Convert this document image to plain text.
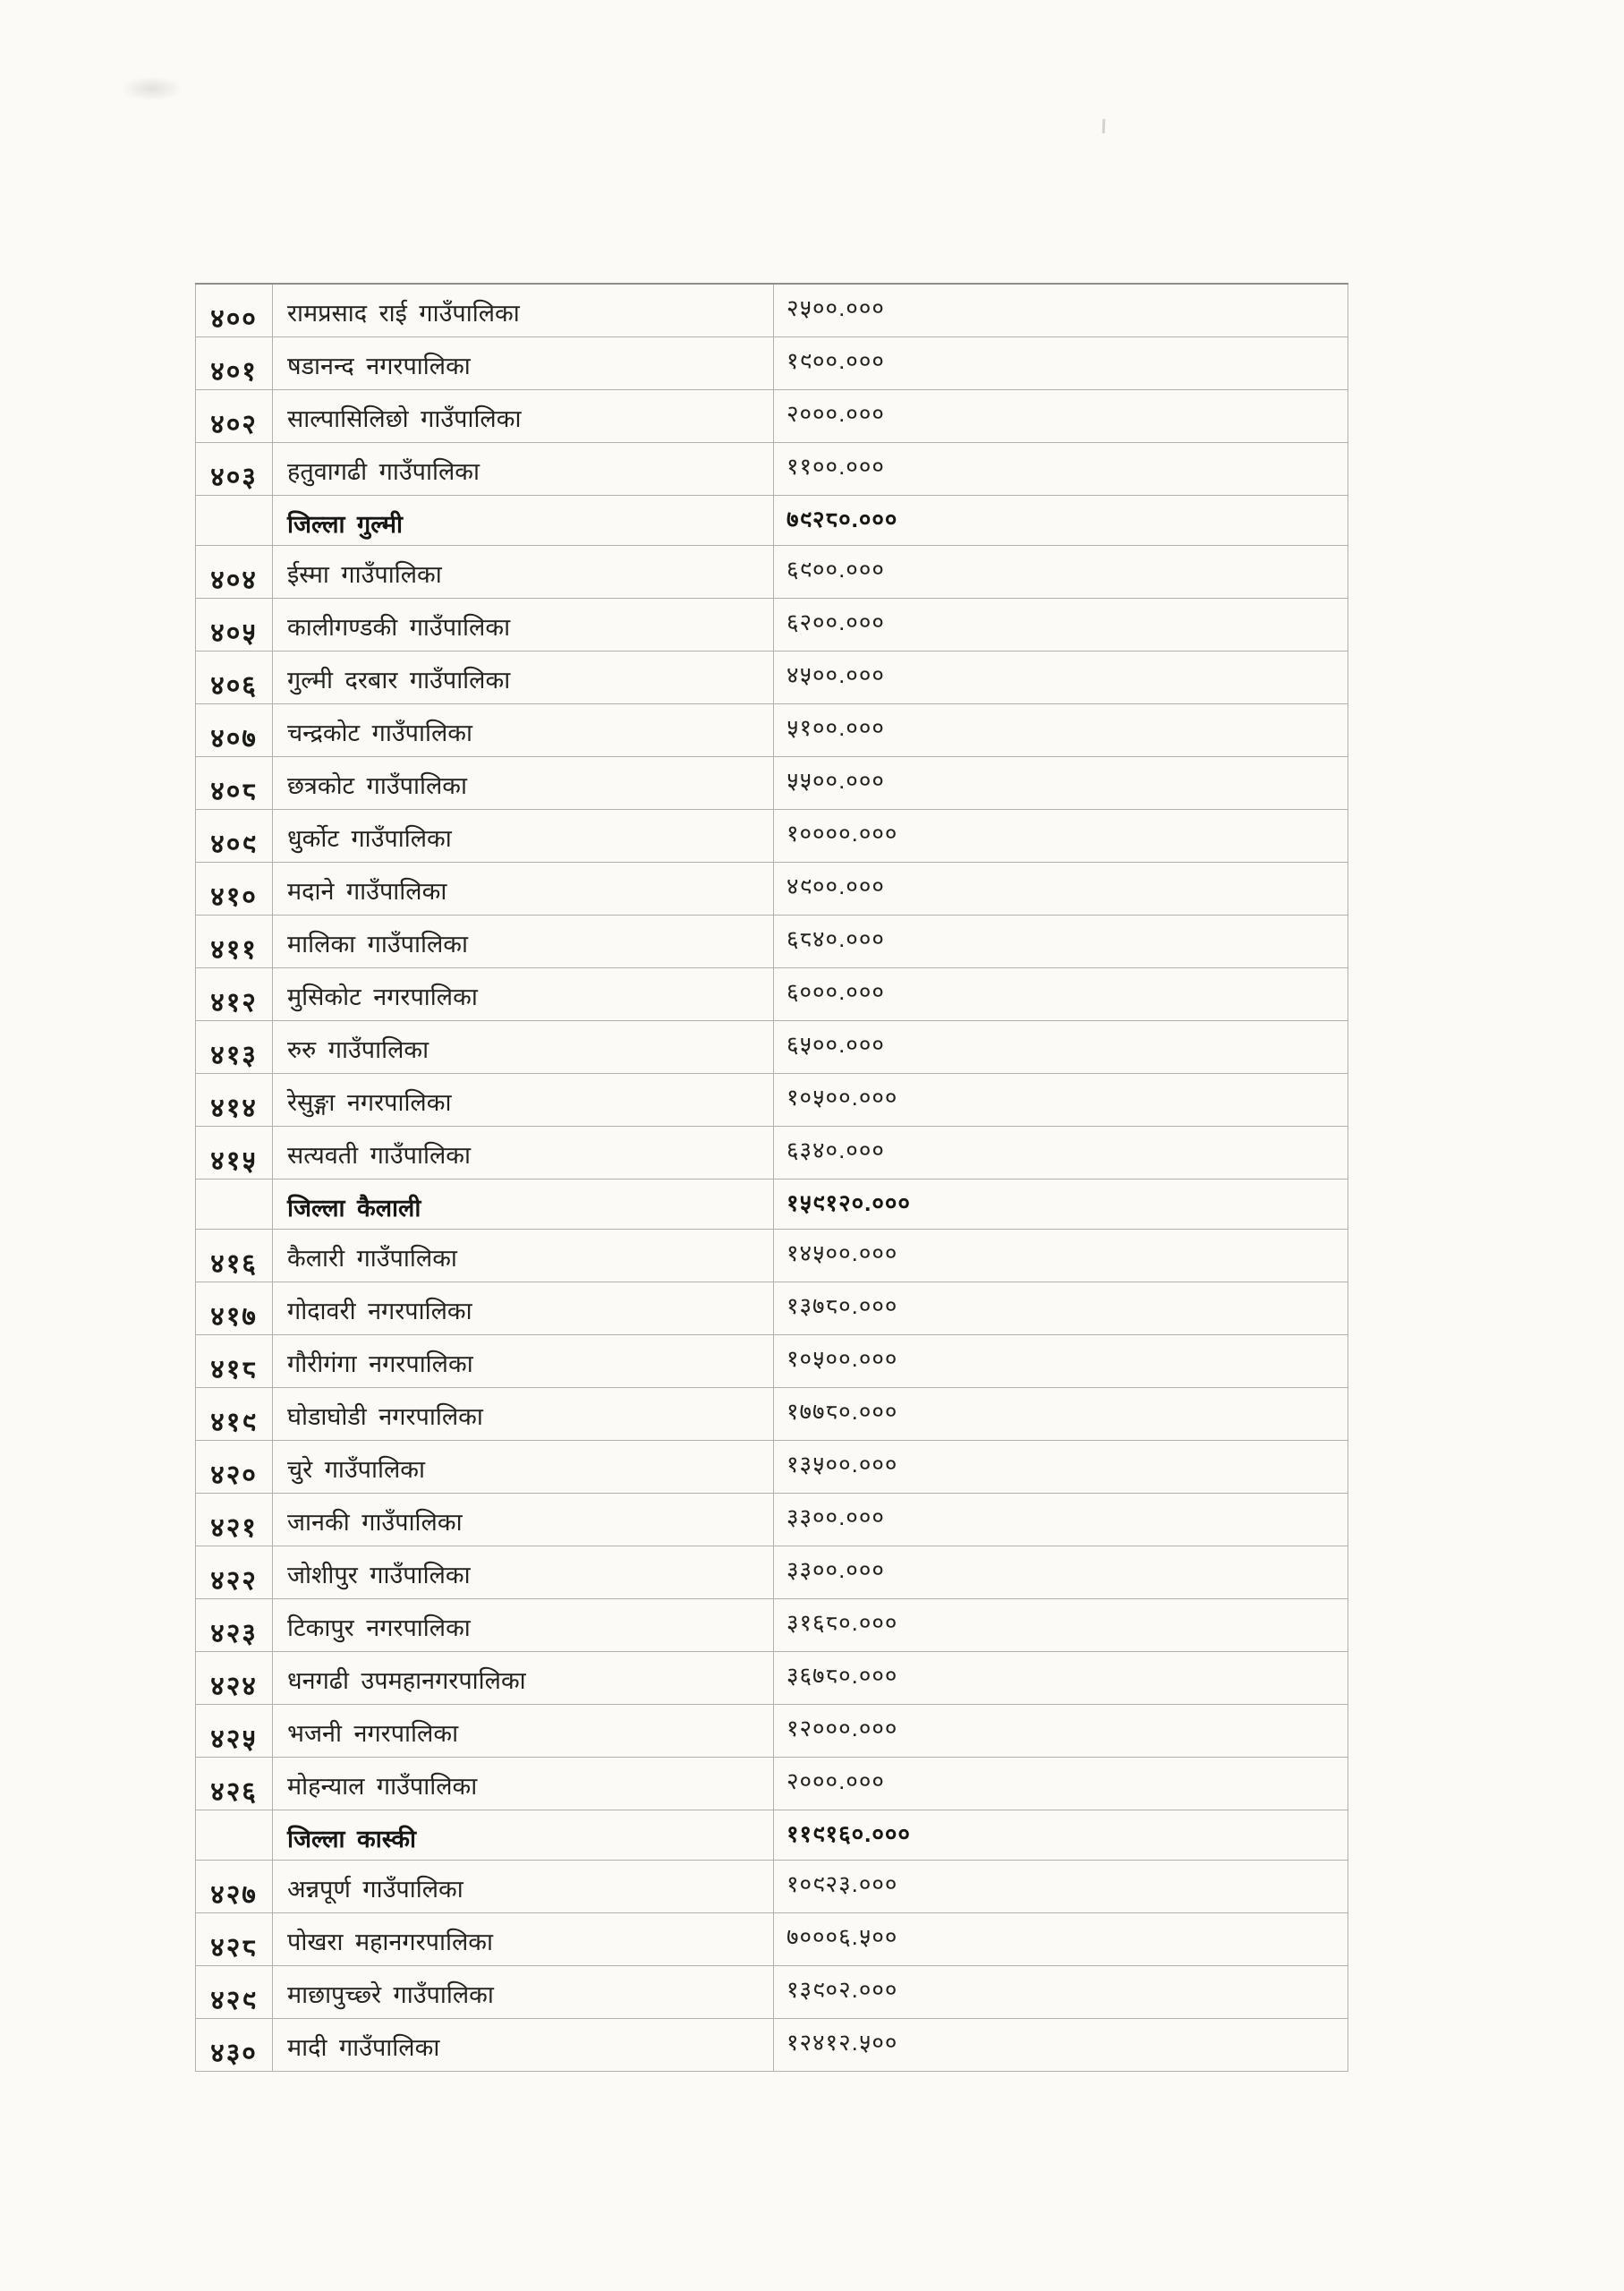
४००	रामप्रसाद राई गाउँपालिका	२५००.०००
४०१	षडानन्द नगरपालिका	१९००.०००
४०२	साल्पासिलिछो गाउँपालिका	२०००.०००
४०३	हतुवागढी गाउँपालिका	११००.०००
	जिल्ला गुल्मी	७९२८०.०००
४०४	ईस्मा गाउँपालिका	६९००.०००
४०५	कालीगण्डकी गाउँपालिका	६२००.०००
४०६	गुल्मी दरबार गाउँपालिका	४५००.०००
४०७	चन्द्रकोट गाउँपालिका	५१००.०००
४०८	छत्रकोट गाउँपालिका	५५००.०००
४०९	धुर्कोट गाउँपालिका	१००००.०००
४१०	मदाने गाउँपालिका	४९००.०००
४११	मालिका गाउँपालिका	६८४०.०००
४१२	मुसिकोट नगरपालिका	६०००.०००
४१३	रुरु गाउँपालिका	६५००.०००
४१४	रेसुङ्गा नगरपालिका	१०५००.०००
४१५	सत्यवती गाउँपालिका	६३४०.०००
	जिल्ला कैलाली	१५९१२०.०००
४१६	कैलारी गाउँपालिका	१४५००.०००
४१७	गोदावरी नगरपालिका	१३७८०.०००
४१८	गौरीगंगा नगरपालिका	१०५००.०००
४१९	घोडाघोडी नगरपालिका	१७७८०.०००
४२०	चुरे गाउँपालिका	१३५००.०००
४२१	जानकी गाउँपालिका	३३००.०००
४२२	जोशीपुर गाउँपालिका	३३००.०००
४२३	टिकापुर नगरपालिका	३१६८०.०००
४२४	धनगढी उपमहानगरपालिका	३६७८०.०००
४२५	भजनी नगरपालिका	१२०००.०००
४२६	मोहन्याल गाउँपालिका	२०००.०००
	जिल्ला कास्की	११९१६०.०००
४२७	अन्नपूर्ण गाउँपालिका	१०९२३.०००
४२८	पोखरा महानगरपालिका	७०००६.५००
४२९	माछापुच्छ्रे गाउँपालिका	१३९०२.०००
४३०	मादी गाउँपालिका	१२४१२.५००
